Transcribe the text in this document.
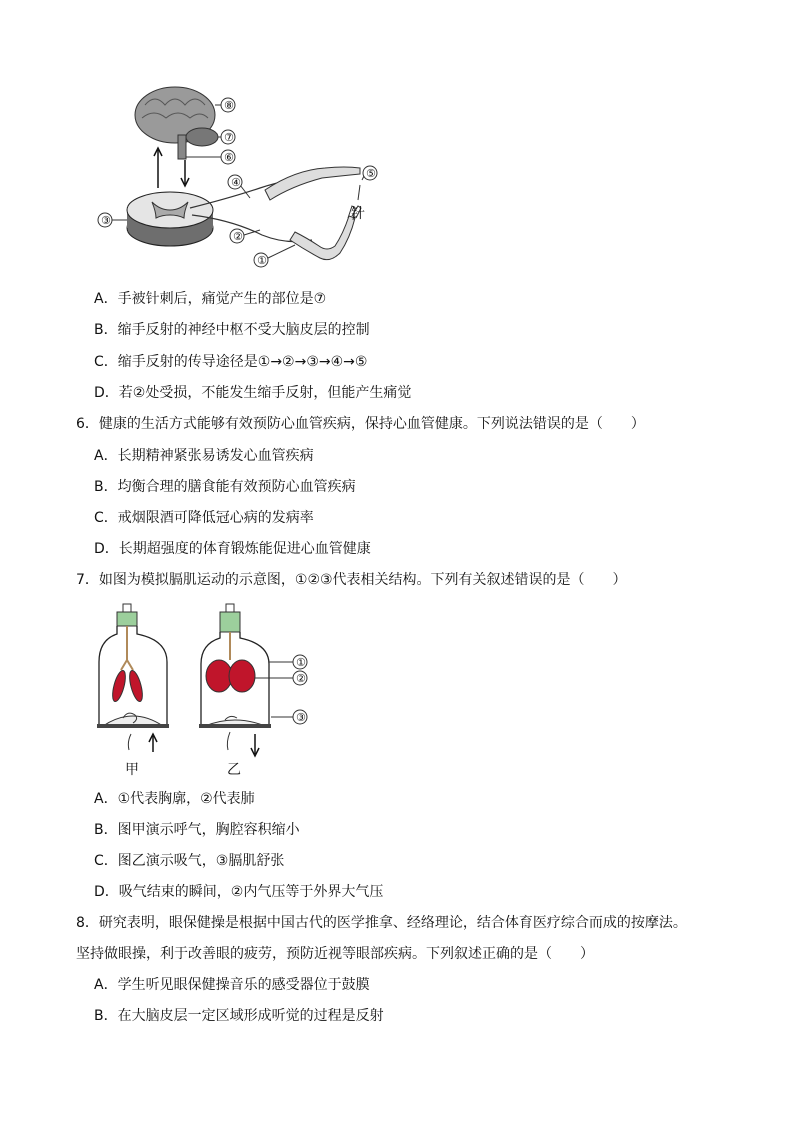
⑧
⑦
⑥
③	针
④
⑤
②
①
A．手被针刺后，痛觉产生的部位是⑦
B．缩手反射的神经中枢不受大脑皮层的控制
C．缩手反射的传导途径是①→②→③→④→⑤
D．若②处受损，不能发生缩手反射，但能产生痛觉
6．健康的生活方式能够有效预防心血管疾病，保持心血管健康。下列说法错误的是（　　）
A．长期精神紧张易诱发心血管疾病
B．均衡合理的膳食能有效预防心血管疾病
C．戒烟限酒可降低冠心病的发病率
D．长期超强度的体育锻炼能促进心血管健康
7．如图为模拟膈肌运动的示意图，①②③代表相关结构。下列有关叙述错误的是（　　）
甲	乙
①
②
③
A．①代表胸廓，②代表肺
B．图甲演示呼气，胸腔容积缩小
C．图乙演示吸气，③膈肌舒张
D．吸气结束的瞬间，②内气压等于外界大气压
8．研究表明，眼保健操是根据中国古代的医学推拿、经络理论，结合体育医疗综合而成的按摩法。
坚持做眼操，利于改善眼的疲劳，预防近视等眼部疾病。下列叙述正确的是（　　）
A．学生听见眼保健操音乐的感受器位于鼓膜
B．在大脑皮层一定区域形成听觉的过程是反射
